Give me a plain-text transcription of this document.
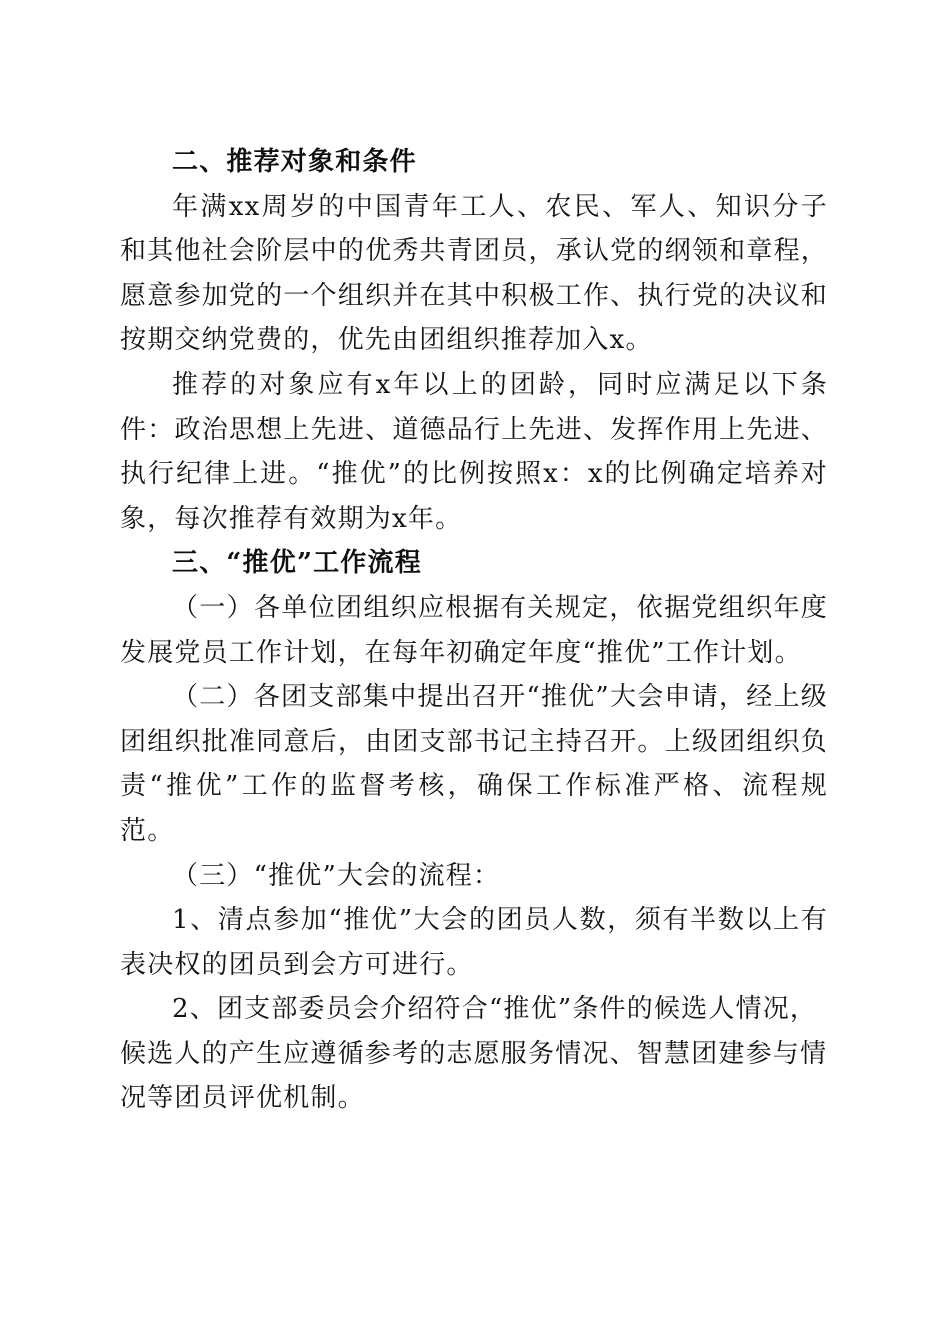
二、推荐对象和条件

年满xx周岁的中国青年工人、农民、军人、知识分子和其他社会阶层中的优秀共青团员，承认党的纲领和章程，愿意参加党的一个组织并在其中积极工作、执行党的决议和按期交纳党费的，优先由团组织推荐加入x。

推荐的对象应有x年以上的团龄，同时应满足以下条件：政治思想上先进、道德品行上先进、发挥作用上先进、执行纪律上进。“推优”的比例按照x：x的比例确定培养对象，每次推荐有效期为x年。

三、“推优”工作流程

（一）各单位团组织应根据有关规定，依据党组织年度发展党员工作计划，在每年初确定年度“推优”工作计划。

（二）各团支部集中提出召开“推优”大会申请，经上级团组织批准同意后，由团支部书记主持召开。上级团组织负责“推优”工作的监督考核，确保工作标准严格、流程规范。

（三）“推优”大会的流程：

1、清点参加“推优”大会的团员人数，须有半数以上有表决权的团员到会方可进行。

2、团支部委员会介绍符合“推优”条件的候选人情况，候选人的产生应遵循参考的志愿服务情况、智慧团建参与情况等团员评优机制。
